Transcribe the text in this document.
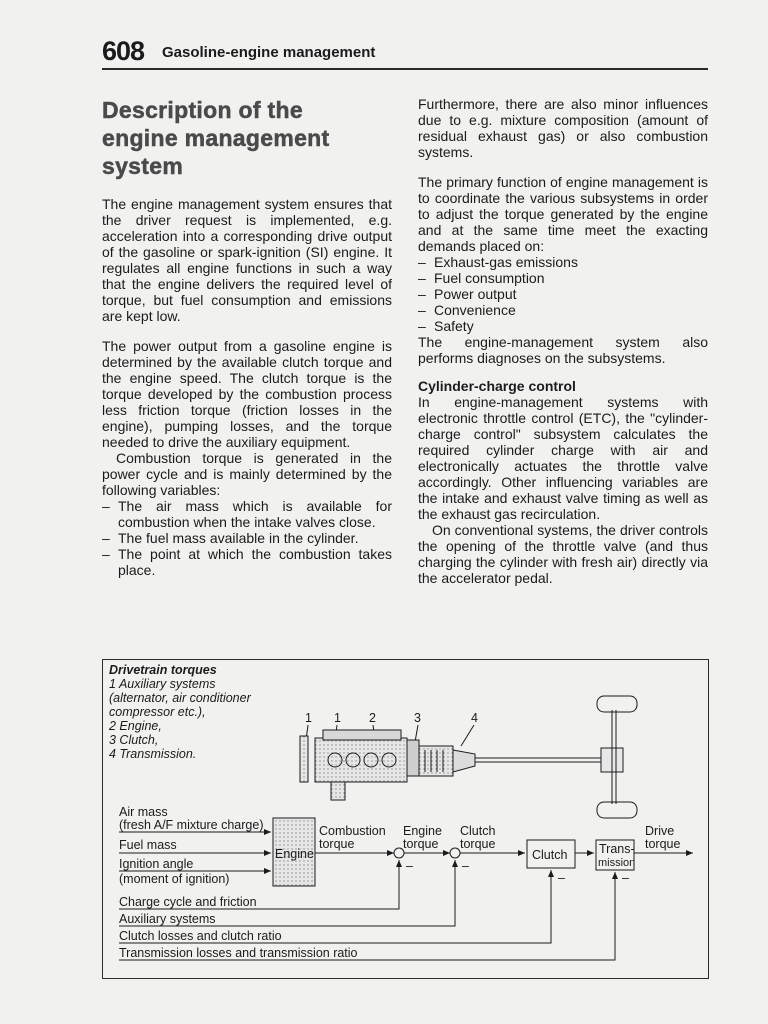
608 Gasoline-engine management
Description of the
engine management
system

The engine management system ensures that the driver request is implemented, e.g. acceleration into a corresponding drive output of the gasoline or spark-ignition (SI) engine. It regulates all engine functions in such a way that the engine delivers the required level of torque, but fuel consumption and emissions are kept low.

The power output from a gasoline engine is determined by the available clutch torque and the engine speed. The clutch torque is the torque developed by the combustion process less friction torque (friction losses in the engine), pumping losses, and the torque needed to drive the auxiliary equipment.

Combustion torque is generated in the power cycle and is mainly determined by the following variables:

– The air mass which is available for combustion when the intake valves close.
– The fuel mass available in the cylinder.
– The point at which the combustion takes place.

Furthermore, there are also minor influences due to e.g. mixture composition (amount of residual exhaust gas) or also combustion systems.

The primary function of engine management is to coordinate the various subsystems in order to adjust the torque generated by the engine and at the same time meet the exacting demands placed on:

– Exhaust-gas emissions
– Fuel consumption
– Power output
– Convenience
– Safety

The engine-management system also performs diagnoses on the subsystems.

Cylinder-charge control

In engine-management systems with electronic throttle control (ETC), the "cylinder-charge control" subsystem calculates the required cylinder charge with air and electronically actuates the throttle valve accordingly. Other influencing variables are the intake and exhaust valve timing as well as the exhaust gas recirculation.

On conventional systems, the driver controls the opening of the throttle valve (and thus charging the cylinder with fresh air) directly via the accelerator pedal.

Drivetrain torques
1 Auxiliary systems
(alternator, air conditioner
compressor etc.),
2 Engine,
3 Clutch,
4 Transmission.
1 1 2	3	4
Air mass
(fresh A/F mixture charge)
Fuel mass
Ignition angle
(moment of ignition)
Engine
Combustion
torque
Engine
torque
Clutch
torque
Drive
torque
Clutch	Trans-
mission
Charge cycle and friction
Auxiliary systems
Clutch losses and clutch ratio
Transmission losses and transmission ratio
–	–
–	–
